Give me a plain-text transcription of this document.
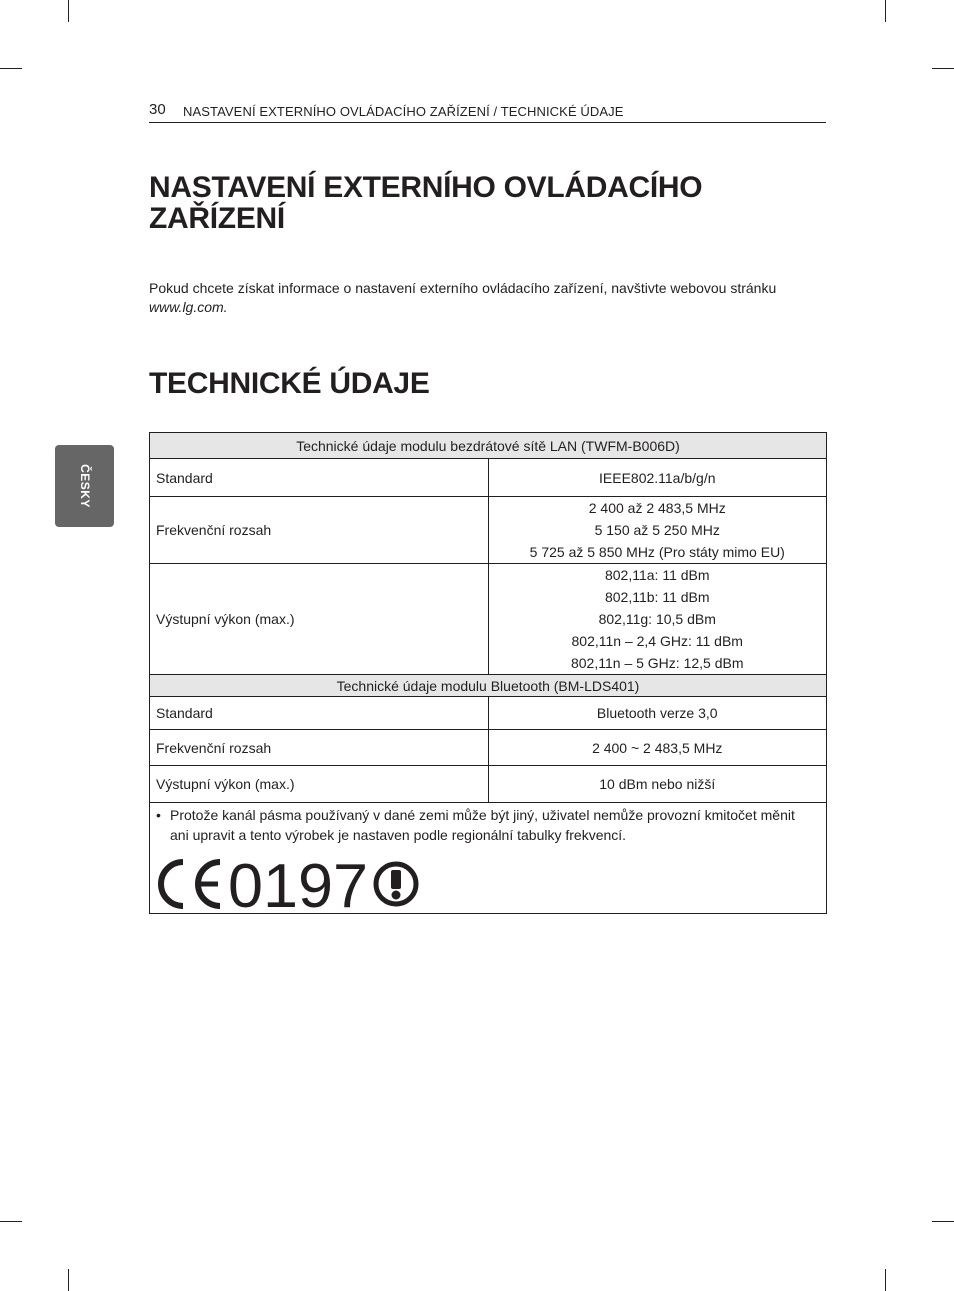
30 NASTAVENÍ EXTERNÍHO OVLÁDACÍHO ZAŘÍZENÍ / TECHNICKÉ ÚDAJE
ČESKY
NASTAVENÍ EXTERNÍHO OVLÁDACÍHO ZAŘÍZENÍ

Pokud chcete získat informace o nastavení externího ovládacího zařízení, navštivte webovou stránku www.lg.com.

TECHNICKÉ ÚDAJE
Technické údaje modulu bezdrátové sítě LAN (TWFM-B006D)	
Standard	IEEE802.11a/b/g/n
Frekvenční rozsah	2 400 až 2 483,5 MHz
5 150 až 5 250 MHz
5 725 až 5 850 MHz (Pro státy mimo EU)

Výstupní výkon (max.)	802,11a: 11 dBm
802,11b: 11 dBm
802,11g: 10,5 dBm
802,11n – 2,4 GHz: 11 dBm
802,11n – 5 GHz: 12,5 dBm

Technické údaje modulu Bluetooth (BM-LDS401)	
Standard	Bluetooth verze 3,0
Frekvenční rozsah	2 400 ~ 2 483,5 MHz
Výstupní výkon (max.)	10 dBm nebo nižší

• Protože kanál pásma používaný v dané zemi může být jiný, uživatel nemůže provozní kmitočet měnit ani upravit a tento výrobek je nastaven podle regionální tabulky frekvencí.
0197	
